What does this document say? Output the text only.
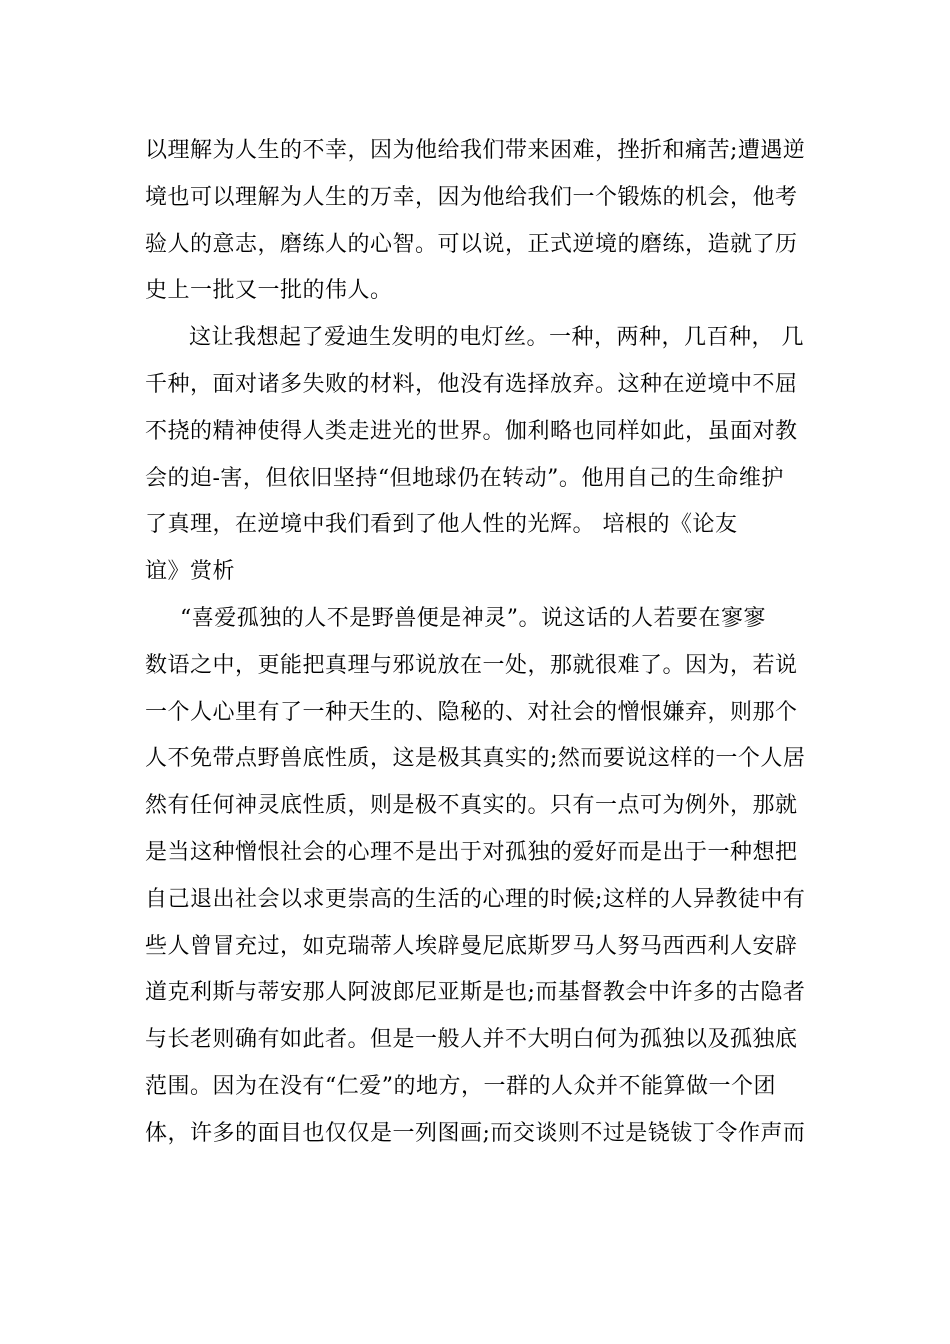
以理解为人生的不幸，因为他给我们带来困难，挫折和痛苦;遭遇逆
境也可以理解为人生的万幸，因为他给我们一个锻炼的机会，他考
验人的意志，磨练人的心智。可以说，正式逆境的磨练，造就了历
史上一批又一批的伟人。
这让我想起了爱迪生发明的电灯丝。一种，两种，几百种， 几
千种，面对诸多失败的材料，他没有选择放弃。这种在逆境中不屈
不挠的精神使得人类走进光的世界。伽利略也同样如此，虽面对教
会的迫-害，但依旧坚持“但地球仍在转动”。他用自己的生命维护
了真理，在逆境中我们看到了他人性的光辉。 培根的《论友
谊》赏析
“喜爱孤独的人不是野兽便是神灵”。说这话的人若要在寥寥
数语之中，更能把真理与邪说放在一处，那就很难了。因为，若说
一个人心里有了一种天生的、隐秘的、对社会的憎恨嫌弃，则那个
人不免带点野兽底性质，这是极其真实的;然而要说这样的一个人居
然有任何神灵底性质，则是极不真实的。只有一点可为例外，那就
是当这种憎恨社会的心理不是出于对孤独的爱好而是出于一种想把
自己退出社会以求更崇高的生活的心理的时候;这样的人异教徒中有
些人曾冒充过，如克瑞蒂人埃辟曼尼底斯罗马人努马西西利人安辟
道克利斯与蒂安那人阿波郎尼亚斯是也;而基督教会中许多的古隐者
与长老则确有如此者。但是一般人并不大明白何为孤独以及孤独底
范围。因为在没有“仁爱”的地方，一群的人众并不能算做一个团
体，许多的面目也仅仅是一列图画;而交谈则不过是铙钹丁令作声而
